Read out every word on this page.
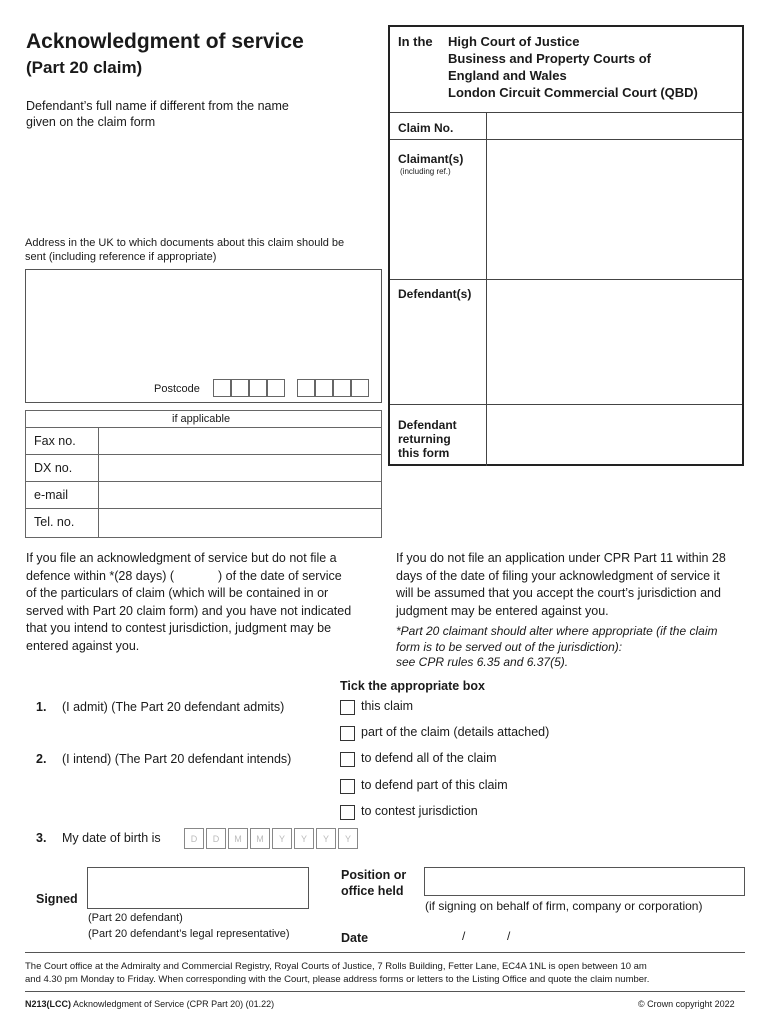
Acknowledgment of service
(Part 20 claim)
Defendant’s full name if different from the name
given on the claim form
Address in the UK to which documents about this claim should be
sent (including reference if appropriate)
Postcode
if applicable
Fax no.
DX no.
e-mail
Tel. no.
In the High Court of Justice
Business and Property Courts of
England and Wales
London Circuit Commercial Court (QBD)
Claim No.
Claimant(s)
(including ref.)
Defendant(s)
Defendant
returning
this form
If you file an acknowledgment of service but do not file a
defence within *(28 days) (	) of the date of service
of the particulars of claim (which will be contained in or
served with Part 20 claim form) and you have not indicated
that you intend to contest jurisdiction, judgment may be
entered against you.
If you do not file an application under CPR Part 11 within 28
days of the date of filing your acknowledgment of service it
will be assumed that you accept the court’s jurisdiction and
judgment may be entered against you.
*Part 20 claimant should alter where appropriate (if the claim
form is to be served out of the jurisdiction):
see CPR rules 6.35 and 6.37(5).
Tick the appropriate box
1. (I admit) (The Part 20 defendant admits)	this claim
part of the claim (details attached)
2. (I intend) (The Part 20 defendant intends)	to defend all of the claim
to defend part of this claim
to contest jurisdiction
3. My date of birth is	D	D	M	M	Y	Y	Y	Y
Signed
(Part 20 defendant)
(Part 20 defendant’s legal representative)
Position or
office held
(if signing on behalf of firm, company or corporation)
Date	/	/
The Court office at the Admiralty and Commercial Registry, Royal Courts of Justice, 7 Rolls Building, Fetter Lane, EC4A 1NL is open between 10 am
and 4.30 pm Monday to Friday. When corresponding with the Court, please address forms or letters to the Listing Office and quote the claim number.
N213(LCC) Acknowledgment of Service (CPR Part 20) (01.22)	© Crown copyright 2022
